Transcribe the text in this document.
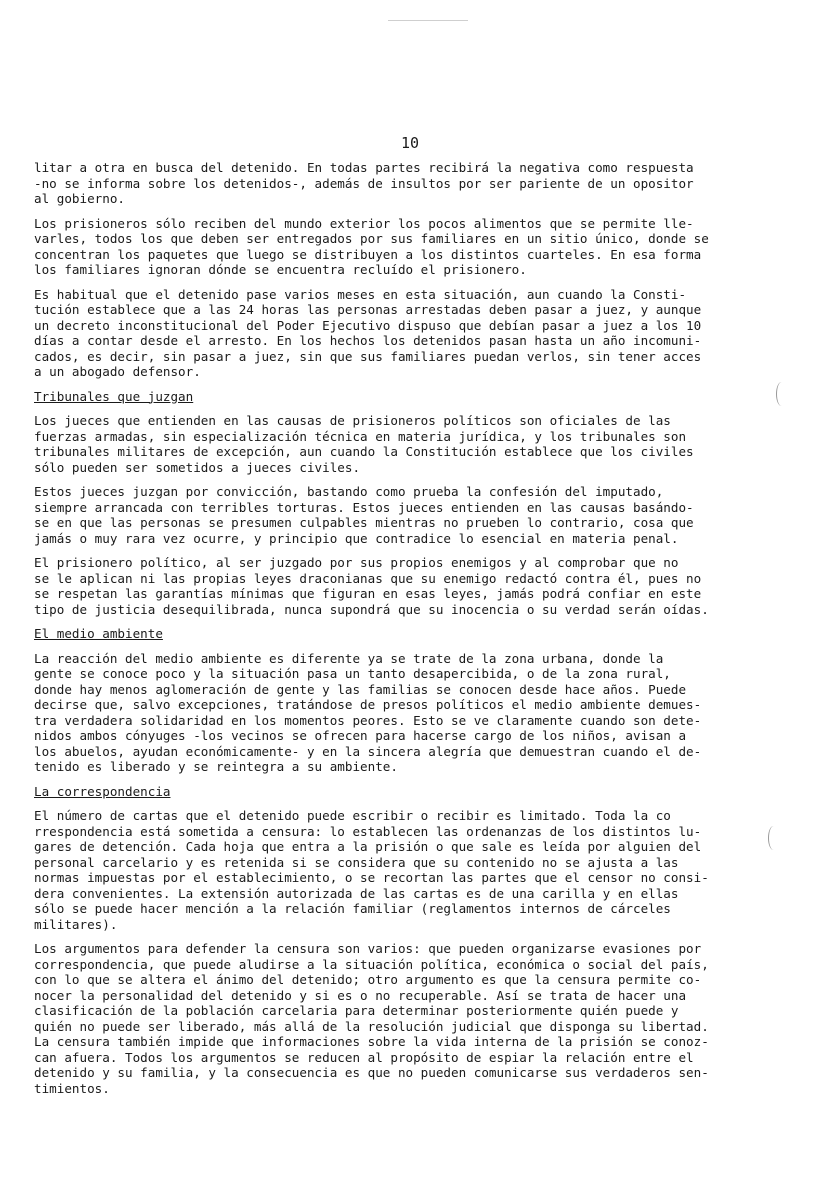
10
litar a otra en busca del detenido. En todas partes recibirá la negativa como respuesta
-no se informa sobre los detenidos-, además de insultos por ser pariente de un opositor
al gobierno.
Los prisioneros sólo reciben del mundo exterior los pocos alimentos que se permite lle-
varles, todos los que deben ser entregados por sus familiares en un sitio único, donde se
concentran los paquetes que luego se distribuyen a los distintos cuarteles. En esa forma
los familiares ignoran dónde se encuentra recluído el prisionero.
Es habitual que el detenido pase varios meses en esta situación, aun cuando la Consti-
tución establece que a las 24 horas las personas arrestadas deben pasar a juez, y aunque
un decreto inconstitucional del Poder Ejecutivo dispuso que debían pasar a juez a los 10
días a contar desde el arresto. En los hechos los detenidos pasan hasta un año incomuni-
cados, es decir, sin pasar a juez, sin que sus familiares puedan verlos, sin tener acces
a un abogado defensor.
Tribunales que juzgan
Los jueces que entienden en las causas de prisioneros políticos son oficiales de las
fuerzas armadas, sin especialización técnica en materia jurídica, y los tribunales son
tribunales militares de excepción, aun cuando la Constitución establece que los civiles
sólo pueden ser sometidos a jueces civiles.
Estos jueces juzgan por convicción, bastando como prueba la confesión del imputado,
siempre arrancada con terribles torturas. Estos jueces entienden en las causas basándo-
se en que las personas se presumen culpables mientras no prueben lo contrario, cosa que
jamás o muy rara vez ocurre, y principio que contradice lo esencial en materia penal.
El prisionero político, al ser juzgado por sus propios enemigos y al comprobar que no
se le aplican ni las propias leyes draconianas que su enemigo redactó contra él, pues no
se respetan las garantías mínimas que figuran en esas leyes, jamás podrá confiar en este
tipo de justicia desequilibrada, nunca supondrá que su inocencia o su verdad serán oídas.
El medio ambiente
La reacción del medio ambiente es diferente ya se trate de la zona urbana, donde la
gente se conoce poco y la situación pasa un tanto desapercibida, o de la zona rural,
donde hay menos aglomeración de gente y las familias se conocen desde hace años. Puede
decirse que, salvo excepciones, tratándose de presos políticos el medio ambiente demues-
tra verdadera solidaridad en los momentos peores. Esto se ve claramente cuando son dete-
nidos ambos cónyuges -los vecinos se ofrecen para hacerse cargo de los niños, avisan a
los abuelos, ayudan económicamente- y en la sincera alegría que demuestran cuando el de-
tenido es liberado y se reintegra a su ambiente.
La correspondencia
El número de cartas que el detenido puede escribir o recibir es limitado. Toda la co
rrespondencia está sometida a censura: lo establecen las ordenanzas de los distintos lu-
gares de detención. Cada hoja que entra a la prisión o que sale es leída por alguien del
personal carcelario y es retenida si se considera que su contenido no se ajusta a las
normas impuestas por el establecimiento, o se recortan las partes que el censor no consi-
dera convenientes. La extensión autorizada de las cartas es de una carilla y en ellas
sólo se puede hacer mención a la relación familiar (reglamentos internos de cárceles
militares).
Los argumentos para defender la censura son varios: que pueden organizarse evasiones por
correspondencia, que puede aludirse a la situación política, económica o social del país,
con lo que se altera el ánimo del detenido; otro argumento es que la censura permite co-
nocer la personalidad del detenido y si es o no recuperable. Así se trata de hacer una
clasificación de la población carcelaria para determinar posteriormente quién puede y
quién no puede ser liberado, más allá de la resolución judicial que disponga su libertad.
La censura también impide que informaciones sobre la vida interna de la prisión se conoz-
can afuera. Todos los argumentos se reducen al propósito de espiar la relación entre el
detenido y su familia, y la consecuencia es que no pueden comunicarse sus verdaderos sen-
timientos.
